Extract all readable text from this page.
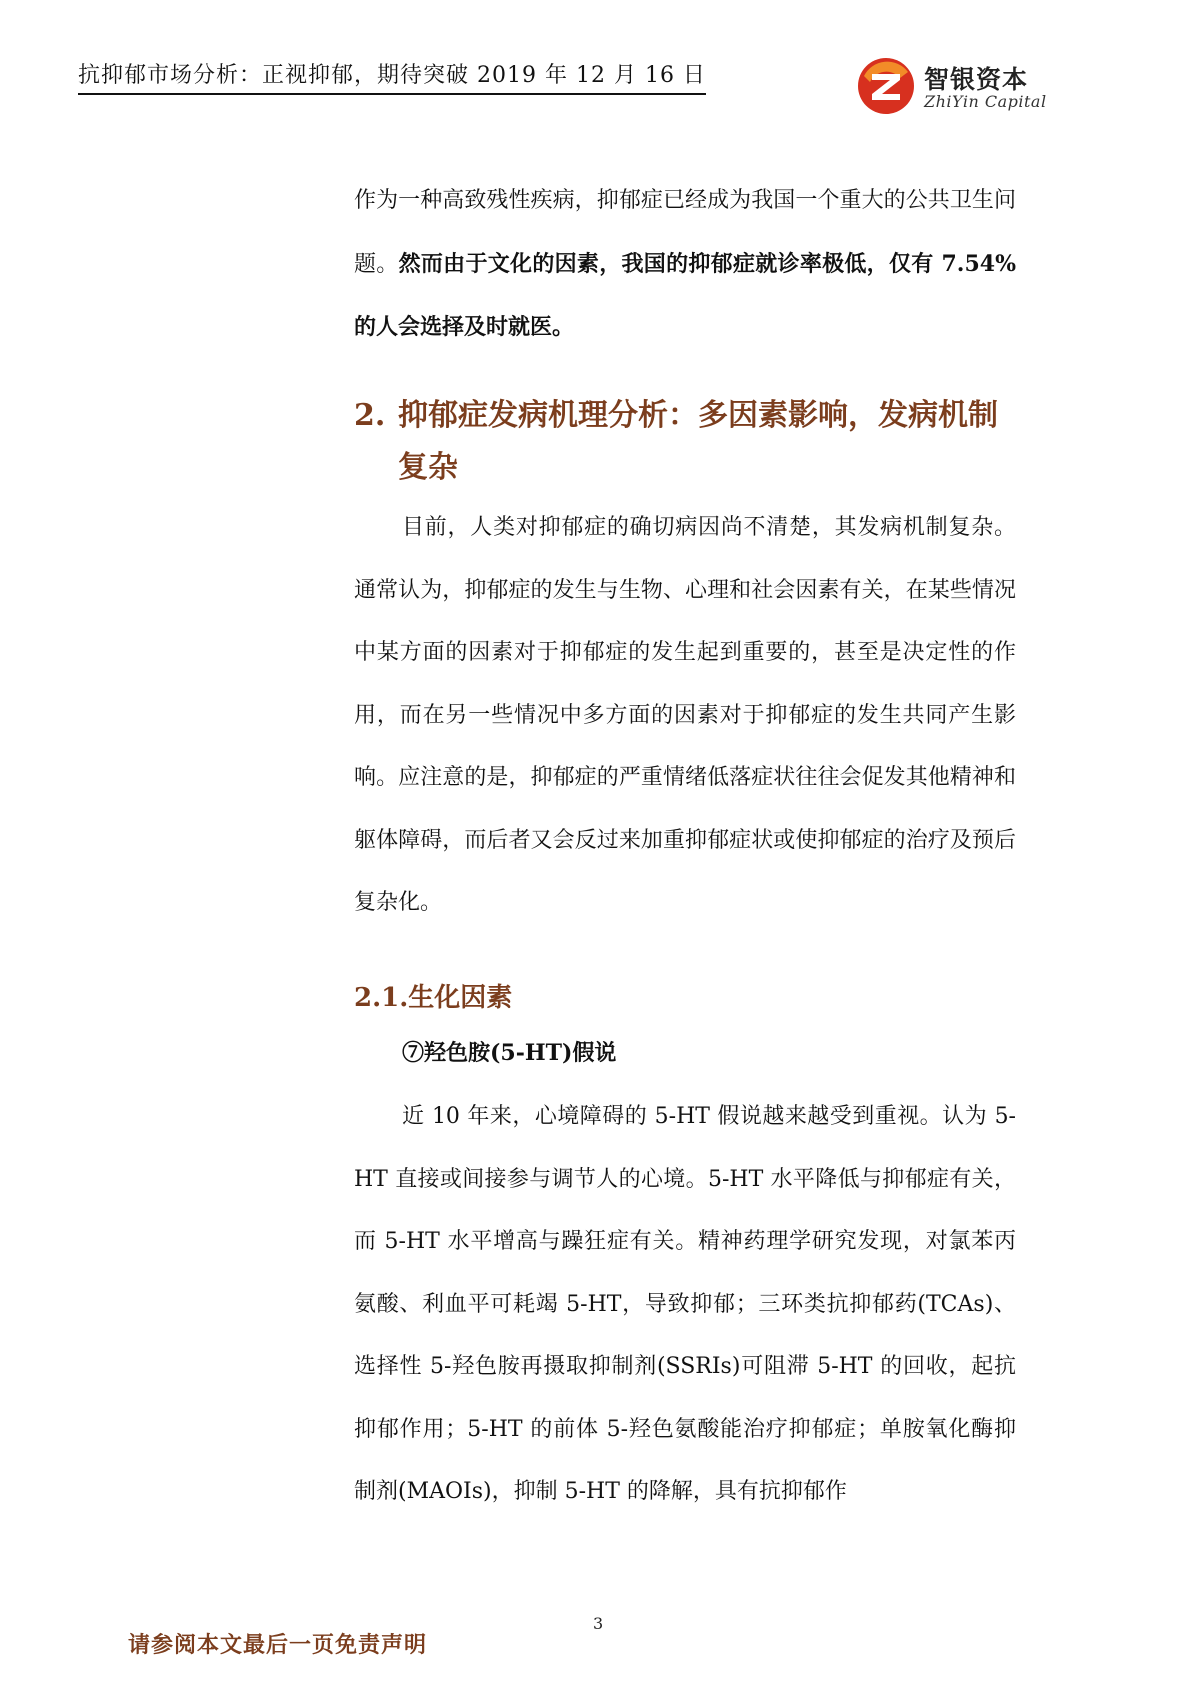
抗抑郁市场分析：正视抑郁，期待突破 2019 年 12 月 16 日	智银资本
ZhiYin Capital

作为一种高致残性疾病，抑郁症已经成为我国一个重大的公共卫生问题。然而由于文化的因素，我国的抑郁症就诊率极低，仅有 7.54% 的人会选择及时就医。

2. 抑郁症发病机理分析：多因素影响，发病机制
复杂

目前，人类对抑郁症的确切病因尚不清楚，其发病机制复杂。通常认为，抑郁症的发生与生物、心理和社会因素有关，在某些情况中某方面的因素对于抑郁症的发生起到重要的，甚至是决定性的作用，而在另一些情况中多方面的因素对于抑郁症的发生共同产生影响。应注意的是，抑郁症的严重情绪低落症状往往会促发其他精神和躯体障碍，而后者又会反过来加重抑郁症状或使抑郁症的治疗及预后复杂化。

2.1.生化因素
⑦羟色胺(5-HT)假说

近 10 年来，心境障碍的 5-HT 假说越来越受到重视。认为 5-HT 直接或间接参与调节人的心境。5-HT 水平降低与抑郁症有关，而 5-HT 水平增高与躁狂症有关。精神药理学研究发现，对氯苯丙氨酸、利血平可耗竭 5-HT，导致抑郁；三环类抗抑郁药(TCAs)、选择性 5-羟色胺再摄取抑制剂(SSRIs)可阻滞 5-HT 的回收，起抗抑郁作用；5-HT 的前体 5-羟色氨酸能治疗抑郁症；单胺氧化酶抑制剂(MAOIs)，抑制 5-HT 的降解，具有抗抑郁作

3
请参阅本文最后一页免责声明
